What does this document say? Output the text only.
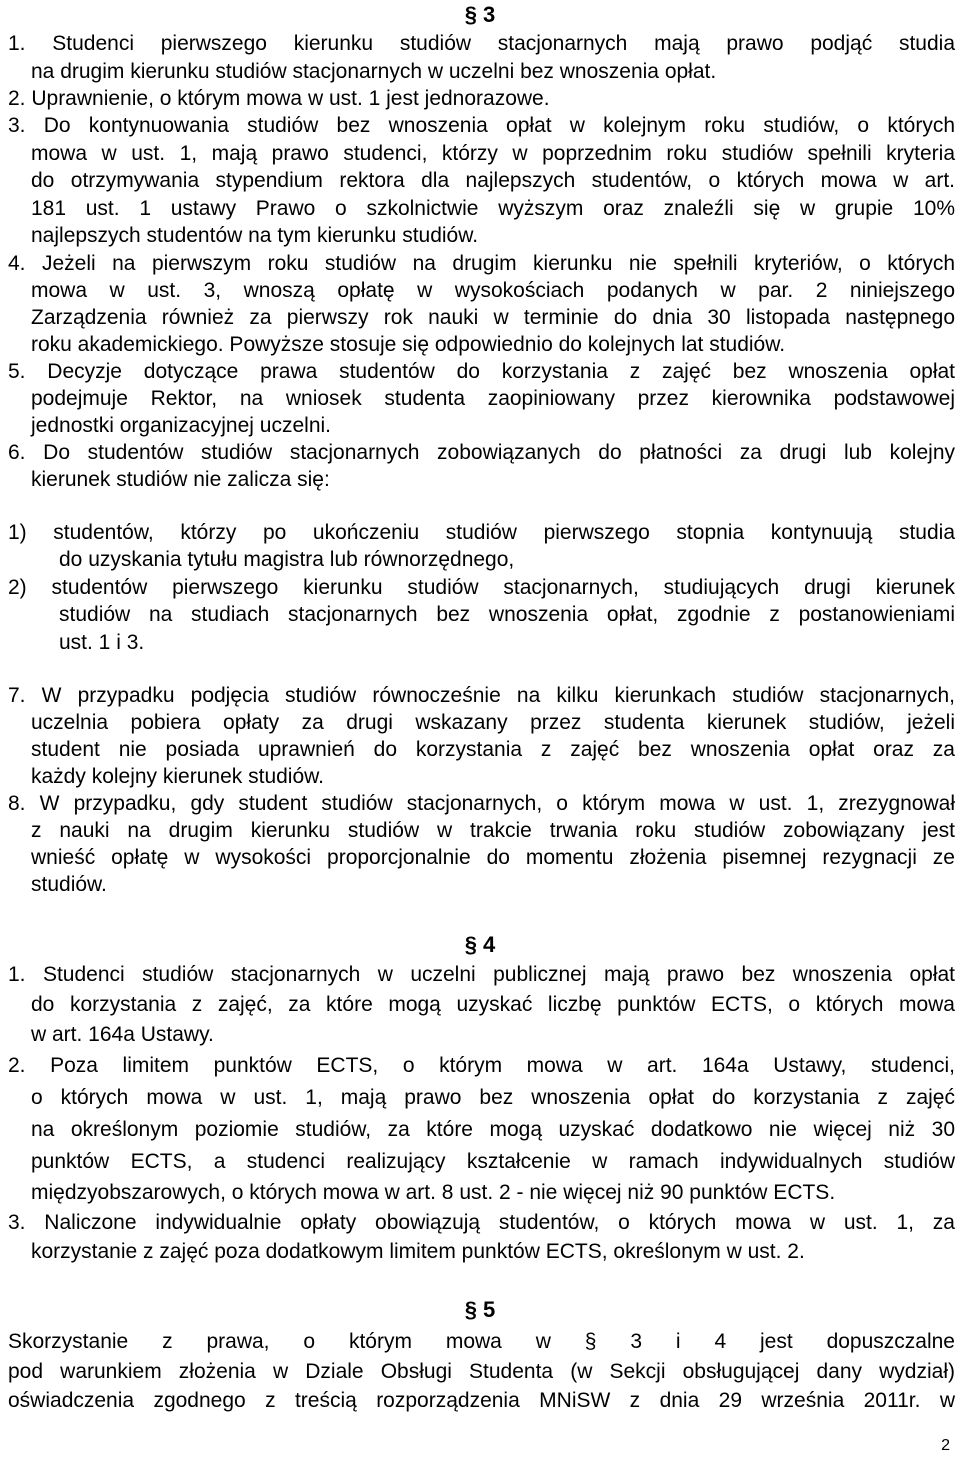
§ 3
1. Studenci pierwszego kierunku studiów stacjonarnych mają prawo podjąć studia
na drugim kierunku studiów stacjonarnych w uczelni bez wnoszenia opłat.
2. Uprawnienie, o którym mowa w ust. 1 jest jednorazowe.
3. Do kontynuowania studiów bez wnoszenia opłat w kolejnym roku studiów, o których
mowa w ust. 1, mają prawo studenci, którzy w poprzednim roku studiów spełnili kryteria
do otrzymywania stypendium rektora dla najlepszych studentów, o których mowa w art.
181 ust. 1 ustawy Prawo o szkolnictwie wyższym oraz znaleźli się w grupie 10%
najlepszych studentów na tym kierunku studiów.
4. Jeżeli na pierwszym roku studiów na drugim kierunku nie spełnili kryteriów, o których
mowa w ust. 3, wnoszą opłatę w wysokościach podanych w par. 2 niniejszego
Zarządzenia również za pierwszy rok nauki w terminie do dnia 30 listopada następnego
roku akademickiego. Powyższe stosuje się odpowiednio do kolejnych lat studiów.
5. Decyzje dotyczące prawa studentów do korzystania z zajęć bez wnoszenia opłat
podejmuje Rektor, na wniosek studenta zaopiniowany przez kierownika podstawowej
jednostki organizacyjnej uczelni.
6. Do studentów studiów stacjonarnych zobowiązanych do płatności za drugi lub kolejny
kierunek studiów nie zalicza się:
1) studentów, którzy po ukończeniu studiów pierwszego stopnia kontynuują studia
do uzyskania tytułu magistra lub równorzędnego,
2) studentów pierwszego kierunku studiów stacjonarnych, studiujących drugi kierunek
studiów na studiach stacjonarnych bez wnoszenia opłat, zgodnie z postanowieniami
ust. 1 i 3.
7. W przypadku podjęcia studiów równocześnie na kilku kierunkach studiów stacjonarnych,
uczelnia pobiera opłaty za drugi wskazany przez studenta kierunek studiów, jeżeli
student nie posiada uprawnień do korzystania z zajęć bez wnoszenia opłat oraz za
każdy kolejny kierunek studiów.
8. W przypadku, gdy student studiów stacjonarnych, o którym mowa w ust. 1, zrezygnował
z nauki na drugim kierunku studiów w trakcie trwania roku studiów zobowiązany jest
wnieść opłatę w wysokości proporcjonalnie do momentu złożenia pisemnej rezygnacji ze
studiów.
§ 4
1. Studenci studiów stacjonarnych w uczelni publicznej mają prawo bez wnoszenia opłat
do korzystania z zajęć, za które mogą uzyskać liczbę punktów ECTS, o których mowa
w art. 164a Ustawy.
2. Poza limitem punktów ECTS, o którym mowa w art. 164a Ustawy, studenci,
o których mowa w ust. 1, mają prawo bez wnoszenia opłat do korzystania z zajęć
na określonym poziomie studiów, za które mogą uzyskać dodatkowo nie więcej niż 30
punktów ECTS, a studenci realizujący kształcenie w ramach indywidualnych studiów
międzyobszarowych, o których mowa w art. 8 ust. 2 - nie więcej niż 90 punktów ECTS.
3. Naliczone indywidualnie opłaty obowiązują studentów, o których mowa w ust. 1, za
korzystanie z zajęć poza dodatkowym limitem punktów ECTS, określonym w ust. 2.
§ 5
Skorzystanie z prawa, o którym mowa w § 3 i 4 jest dopuszczalne
pod warunkiem złożenia w Dziale Obsługi Studenta (w Sekcji obsługującej dany wydział)
oświadczenia zgodnego z treścią rozporządzenia MNiSW z dnia 29 września 2011r. w
2
